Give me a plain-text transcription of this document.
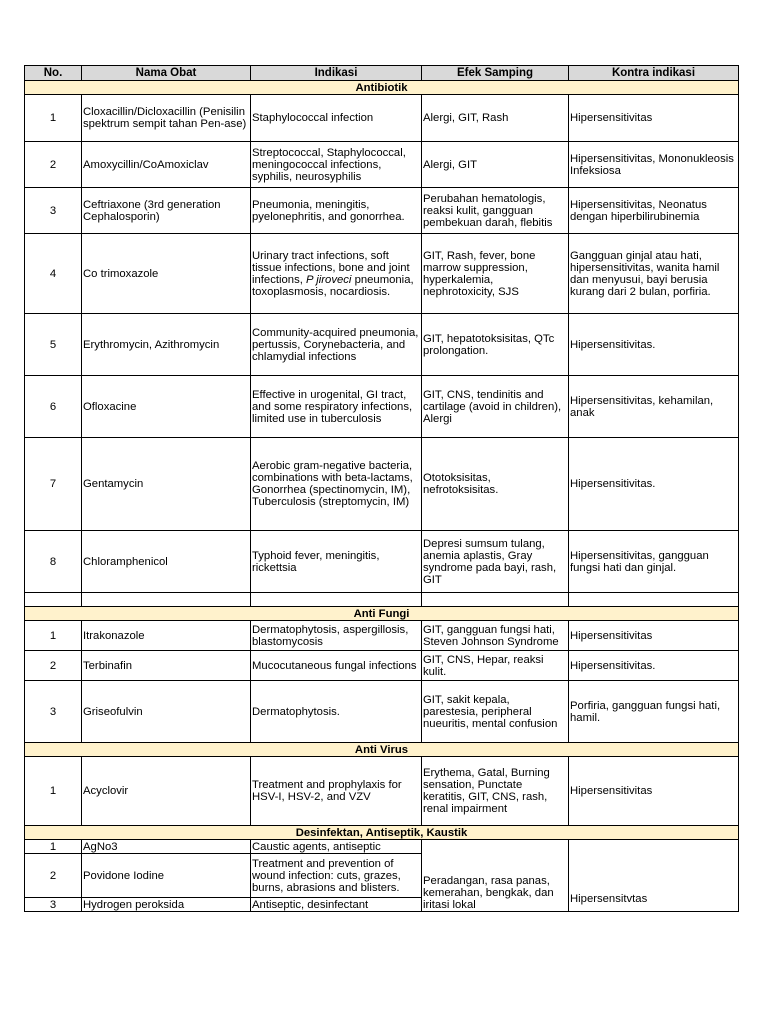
No.	Nama Obat	Indikasi	Efek Samping	Kontra indikasi
Antibiotik				
1	Cloxacillin/Dicloxacillin (Penisilin spektrum sempit tahan Pen-ase)	Staphylococcal infection	Alergi, GIT, Rash	Hipersensitivitas
2	Amoxycillin/CoAmoxiclav	Streptococcal, Staphylococcal, meningococcal infections, syphilis, neurosyphilis	Alergi, GIT	Hipersensitivitas, Mononukleosis Infeksiosa
3	Ceftriaxone (3rd generation Cephalosporin)	Pneumonia, meningitis, pyelonephritis, and gonorrhea.	Perubahan hematologis, reaksi kulit, gangguan pembekuan darah, flebitis	Hipersensitivitas, Neonatus dengan hiperbilirubinemia
4	Co trimoxazole	Urinary tract infections, soft tissue infections, bone and joint infections, P jiroveci pneumonia, toxoplasmosis, nocardiosis.	GIT, Rash, fever, bone marrow suppression, hyperkalemia, nephrotoxicity, SJS	Gangguan ginjal atau hati, hipersensitivitas, wanita hamil dan menyusui, bayi berusia kurang dari 2 bulan, porfiria.
5	Erythromycin, Azithromycin	Community-acquired pneumonia, pertussis, Corynebacteria, and chlamydial infections	GIT, hepatotoksisitas, QTc prolongation.	Hipersensitivitas.
6	Ofloxacine	Effective in urogenital, GI tract, and some respiratory infections, limited use in tuberculosis	GIT, CNS, tendinitis and cartilage (avoid in children), Alergi	Hipersensitivitas, kehamilan, anak
7	Gentamycin	Aerobic gram-negative bacteria, combinations with beta-lactams, Gonorrhea (spectinomycin, IM), Tuberculosis (streptomycin, IM)	Ototoksisitas, nefrotoksisitas.	Hipersensitivitas.
8	Chloramphenicol	Typhoid fever, meningitis, rickettsia	Depresi sumsum tulang, anemia aplastis, Gray syndrome pada bayi, rash, GIT	Hipersensitivitas, gangguan fungsi hati dan ginjal.

Anti Fungi				
1	Itrakonazole	Dermatophytosis, aspergillosis, blastomycosis	GIT, gangguan fungsi hati, Steven Johnson Syndrome	Hipersensitivitas
2	Terbinafin	Mucocutaneous fungal infections	GIT, CNS, Hepar, reaksi kulit.	Hipersensitivitas.
3	Griseofulvin	Dermatophytosis.	GIT, sakit kepala, parestesia, peripheral nueuritis, mental confusion	Porfiria, gangguan fungsi hati, hamil.
Anti Virus				
1	Acyclovir	Treatment and prophylaxis for HSV-I, HSV-2, and VZV	Erythema, Gatal, Burning sensation, Punctate keratitis, GIT, CNS, rash, renal impairment	Hipersensitivitas
Desinfektan, Antiseptik, Kaustik				
1	AgNo3	Caustic agents, antiseptic	Peradangan, rasa panas, kemerahan, bengkak, dan iritasi lokal	Hipersensitvtas
2	Povidone Iodine	Treatment and prevention of wound infection: cuts, grazes, burns, abrasions and blisters.		
3	Hydrogen peroksida	Antiseptic, desinfectant		
